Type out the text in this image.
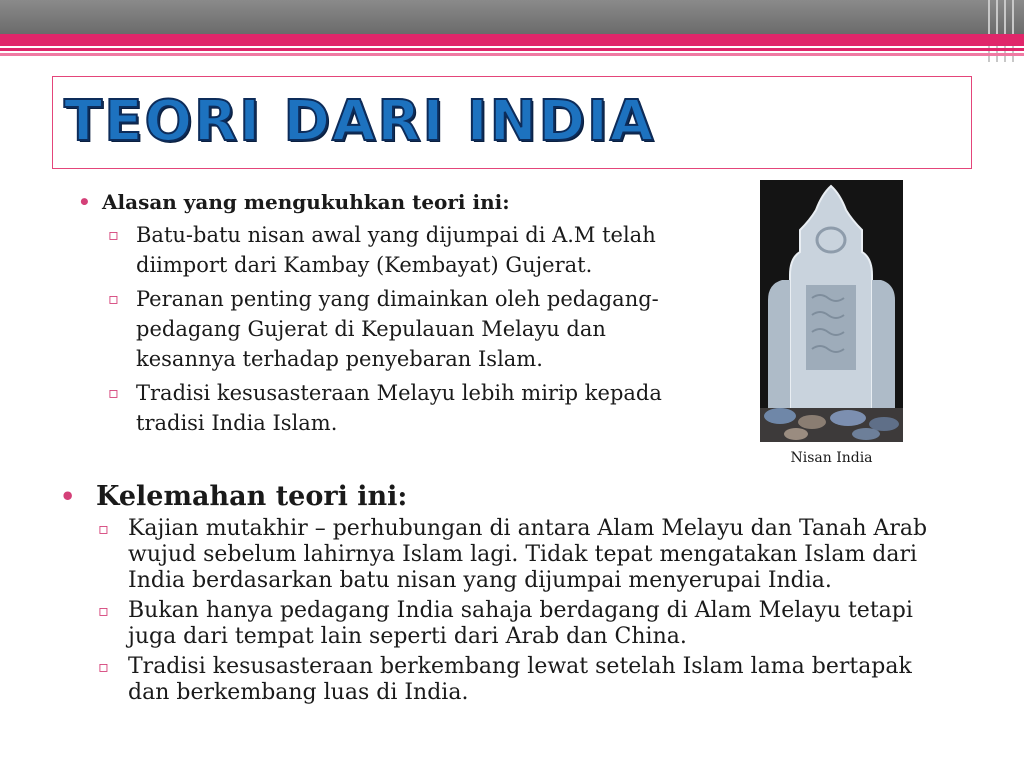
TEORI DARI INDIA
• Alasan yang mengukuhkan teori ini:
▫ Batu-batu nisan awal yang dijumpai di A.M telah diimport dari Kambay (Kembayat) Gujerat.
▫ Peranan penting yang dimainkan oleh pedagang-pedagang Gujerat di Kepulauan Melayu dan kesannya terhadap penyebaran Islam.
▫ Tradisi kesusasteraan Melayu lebih mirip kepada tradisi India Islam.
Nisan India
• Kelemahan teori ini:
▫ Kajian mutakhir – perhubungan di antara Alam Melayu dan Tanah Arab wujud sebelum lahirnya Islam lagi. Tidak tepat mengatakan Islam dari India berdasarkan batu nisan yang dijumpai menyerupai India.
▫ Bukan hanya pedagang India sahaja berdagang di Alam Melayu tetapi juga dari tempat lain seperti dari Arab dan China.
▫ Tradisi kesusasteraan berkembang lewat setelah Islam lama bertapak dan berkembang luas di India.
